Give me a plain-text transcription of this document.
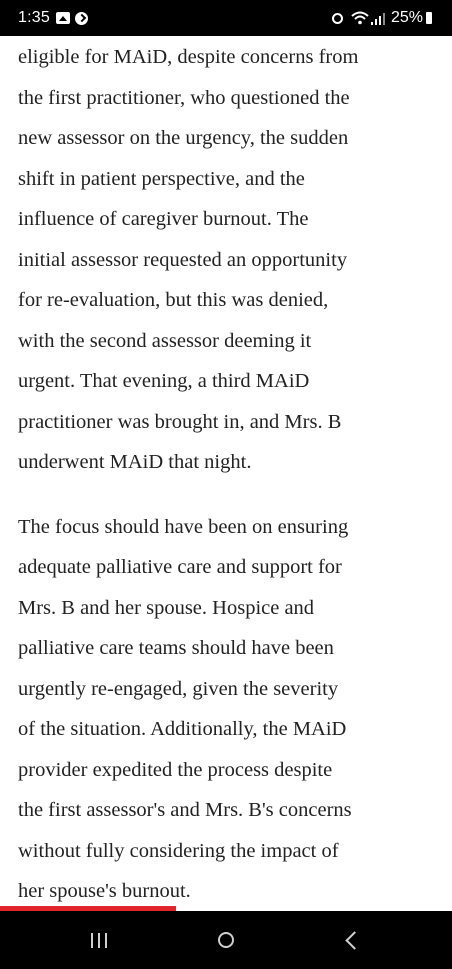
1:35	25%

eligible for MAiD, despite concerns from
the first practitioner, who questioned the
new assessor on the urgency, the sudden
shift in patient perspective, and the
influence of caregiver burnout. The
initial assessor requested an opportunity
for re-evaluation, but this was denied,
with the second assessor deeming it
urgent. That evening, a third MAiD
practitioner was brought in, and Mrs. B
underwent MAiD that night.

The focus should have been on ensuring
adequate palliative care and support for
Mrs. B and her spouse. Hospice and
palliative care teams should have been
urgently re-engaged, given the severity
of the situation. Additionally, the MAiD
provider expedited the process despite
the first assessor's and Mrs. B's concerns
without fully considering the impact of
her spouse's burnout.
